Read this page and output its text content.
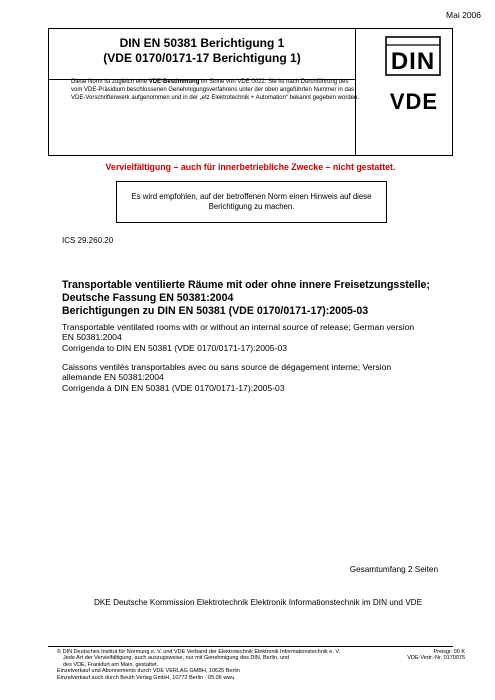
Mai 2006
DIN EN 50381 Berichtigung 1
(VDE 0170/0171-17 Berichtigung 1)
Diese Norm ist zugleich eine VDE-Bestimmung im Sinne von VDE 0022. Sie ist nach Durchführung des vom VDE-Präsidium beschlossenen Genehmigungsverfahrens unter der oben angeführten Nummer in das VDE-Vorschriftenwerk aufgenommen und in der „etz Elektrotechnik + Automation“ bekannt gegeben worden.
DIN
VDE
Vervielfältigung – auch für innerbetriebliche Zwecke – nicht gestattet.
Es wird empfohlen, auf der betroffenen Norm einen Hinweis auf diese Berichtigung zu machen.
ICS 29.260.20
Transportable ventilierte Räume mit oder ohne innere Freisetzungsstelle;
Deutsche Fassung EN 50381:2004
Berichtigungen zu DIN EN 50381 (VDE 0170/0171-17):2005-03
Transportable ventilated rooms with or without an internal source of release; German version
EN 50381:2004
Corrigenda to DIN EN 50381 (VDE 0170/0171-17):2005-03
Caissons ventilés transportables avec ou sans source de dégagement interne; Version
allemande EN 50381:2004
Corrigenda à DIN EN 50381 (VDE 0170/0171-17):2005-03
Gesamtumfang 2 Seiten
DKE Deutsche Kommission Elektrotechnik Elektronik Informationstechnik im DIN und VDE
© DIN Deutsches Institut für Normung e. V. und VDE Verband der Elektrotechnik Elektronik Informationstechnik e. V.
Jede Art der Vervielfältigung, auch auszugsweise, nur mit Genehmigung des DIN, Berlin, und
des VDE, Frankfurt am Main, gestattet.
Einzelverkauf und Abonnements durch VDE VERLAG GMBH, 10625 Berlin
Einzelverkauf auch durch Beuth Verlag GmbH, 10772 Berlin · 05.06 wwu
Preisgr. 00 K
VDE-Vertr.-Nr. 0170075
